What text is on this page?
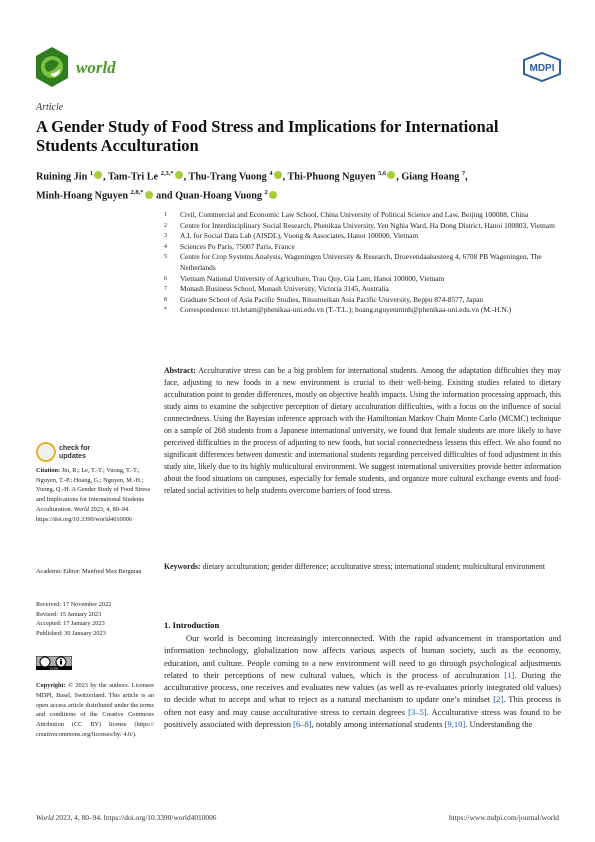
world	MDPI
Article
A Gender Study of Food Stress and Implications for International Students Acculturation
Ruining Jin $^1$ , Tam-Tri Le $^{2,3,*}$ , Thu-Trang Vuong $^4$ , Thi-Phuong Nguyen $^{5,6}$ , Giang Hoang $^7$,
Minh-Hoang Nguyen $^{2,8,*}$ and Quan-Hoang Vuong $^2$
1	Civil, Commercial and Economic Law School, China University of Political Science and Law, Beijing 100088, China
2	Centre for Interdisciplinary Social Research, Phenikaa University, Yen Nghia Ward, Ha Dong District, Hanoi 100803, Vietnam
3	A.I. for Social Data Lab (AISDL), Vuong & Associates, Hanoi 100000, Vietnam
4	Sciences Po Paris, 75007 Paris, France
5	Centre for Crop Systems Analysis, Wageningen University & Research, Droevendaalsesteeg 4, 6708 PB Wageningen, The Netherlands
6	Vietnam National University of Agriculture, Trau Quy, Gia Lam, Hanoi 100000, Vietnam
7	Monash Business School, Monash University, Victoria 3145, Australia
8	Graduate School of Asia Pacific Studies, Ritsumeikan Asia Pacific University, Beppu 874-8577, Japan
*	Correspondence: tri.letam@phenikaa-uni.edu.vn (T.-T.L.); hoang.nguyenminh@phenikaa-uni.edu.vn (M.-H.N.)
Abstract: Acculturative stress can be a big problem for international students. Among the adaptation difficulties they may face, adjusting to new foods in a new environment is crucial to their well-being. Existing studies related to dietary acculturation point to gender differences, mostly on objective health impacts. Using the information processing approach, this study aims to examine the subjective perception of dietary acculturation difficulties, with a focus on the influence of social connectedness. Using the Bayesian inference approach with the Hamiltonian Markov Chain Monte Carlo (MCMC) technique on a sample of 268 students from a Japanese international university, we found that female students are more likely to have perceived difficulties in the process of adjusting to new foods, but social connectedness lessens this effect. We also found no significant differences between domestic and international students regarding perceived difficulties of food adjustment in this study site, likely due to its highly multicultural environment. We suggest international universities provide better information about the food situations on campuses, especially for female students, and organize more cultural exchange events and food-related social activities to help students overcome barriers of food stress.
Keywords: dietary acculturation; gender difference; acculturative stress; international student; multicultural environment
check for
updates
Citation: Jin, R.; Le, T.-T.; Vuong, T.-T.; Nguyen, T.-P.; Hoang, G.; Nguyen, M.-H.; Vuong, Q.-H. A Gender Study of Food Stress and Implications for International Students Acculturation. World 2023, 4, 80–94. https://doi.org/10.3390/world4010006
Academic Editor: Manfred Max Bergman
Received: 17 November 2022
Revised: 15 January 2023
Accepted: 17 January 2023
Published: 30 January 2023
cc by
Copyright: © 2023 by the authors. Licensee MDPI, Basel, Switzerland. This article is an open access article distributed under the terms and conditions of the Creative Commons Attribution (CC BY) license (https:// creativecommons.org/licenses/by/ 4.0/).
1. Introduction
Our world is becoming increasingly interconnected. With the rapid advancement in transportation and information technology, globalization now affects various aspects of human society, such as the economy, education, and culture. People coming to a new environment will need to go through psychological adjustments related to their perceptions of new cultural values, which is the process of acculturation [1]. During the acculturative process, one receives and evaluates new values (as well as re-evaluates priorly integrated old values) to decide what to accept and what to reject as a natural mechanism to update one’s mindset [2]. This process is often not easy and may cause acculturative stress to certain degrees [3–5]. Acculturative stress was found to be positively associated with depression [6–8], notably among international students [9,10]. Understanding the
World 2023, 4, 80–94. https://doi.org/10.3390/world4010006	https://www.mdpi.com/journal/world
